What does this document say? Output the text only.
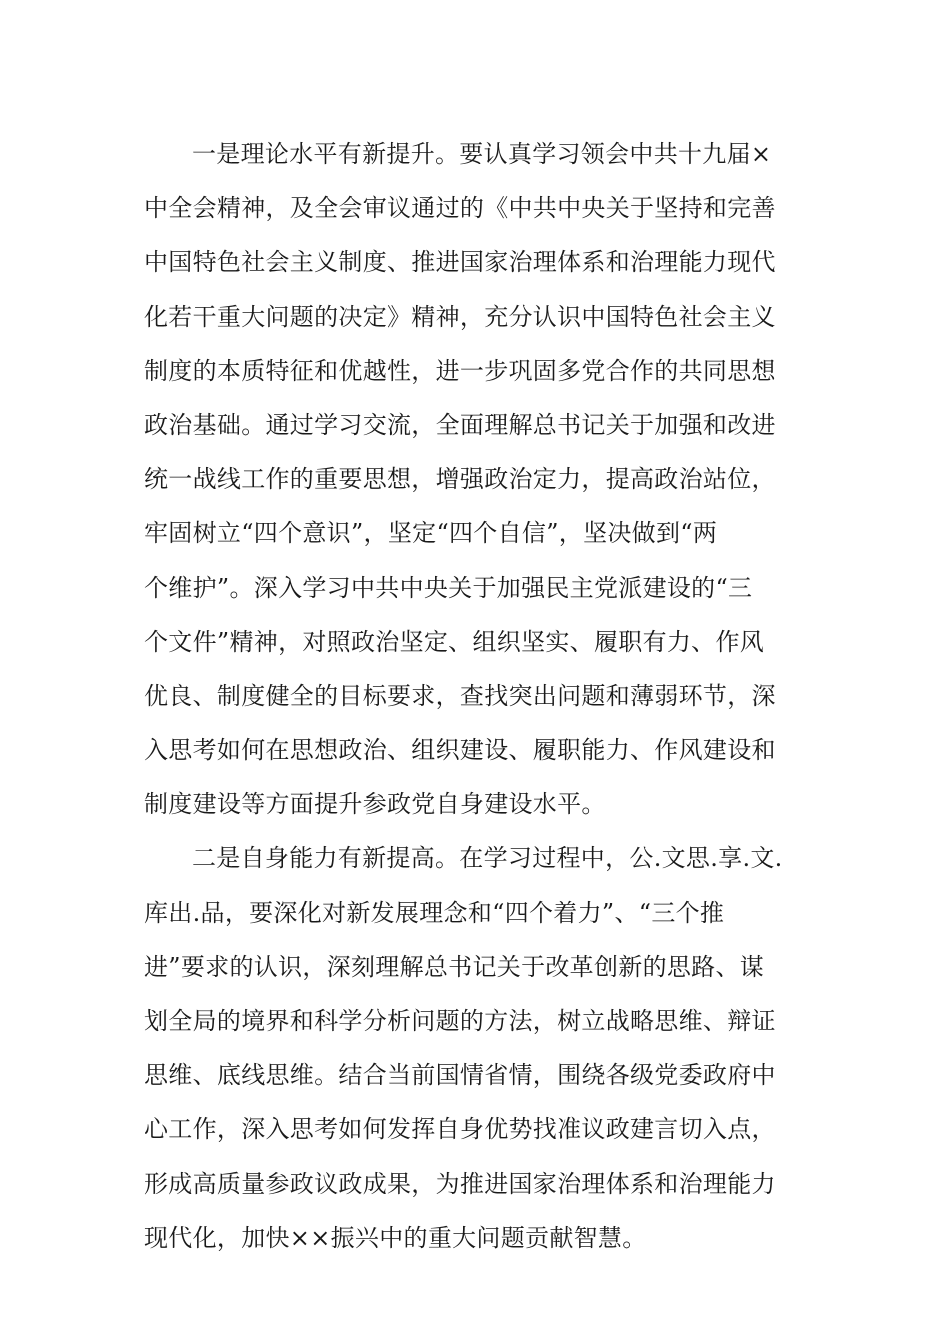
一是理论水平有新提升。要认真学习领会中共十九届×
中全会精神，及全会审议通过的《中共中央关于坚持和完善
中国特色社会主义制度、推进国家治理体系和治理能力现代
化若干重大问题的决定》精神，充分认识中国特色社会主义
制度的本质特征和优越性，进一步巩固多党合作的共同思想
政治基础。通过学习交流，全面理解总书记关于加强和改进
统一战线工作的重要思想，增强政治定力，提高政治站位，
牢固树立“四个意识”，坚定“四个自信”，坚决做到“两
个维护”。深入学习中共中央关于加强民主党派建设的“三
个文件”精神，对照政治坚定、组织坚实、履职有力、作风
优良、制度健全的目标要求，查找突出问题和薄弱环节，深
入思考如何在思想政治、组织建设、履职能力、作风建设和
制度建设等方面提升参政党自身建设水平。
二是自身能力有新提高。在学习过程中，公.文思.享.文.
库出.品，要深化对新发展理念和“四个着力”、“三个推
进”要求的认识，深刻理解总书记关于改革创新的思路、谋
划全局的境界和科学分析问题的方法，树立战略思维、辩证
思维、底线思维。结合当前国情省情，围绕各级党委政府中
心工作，深入思考如何发挥自身优势找准议政建言切入点，
形成高质量参政议政成果，为推进国家治理体系和治理能力
现代化，加快××振兴中的重大问题贡献智慧。
